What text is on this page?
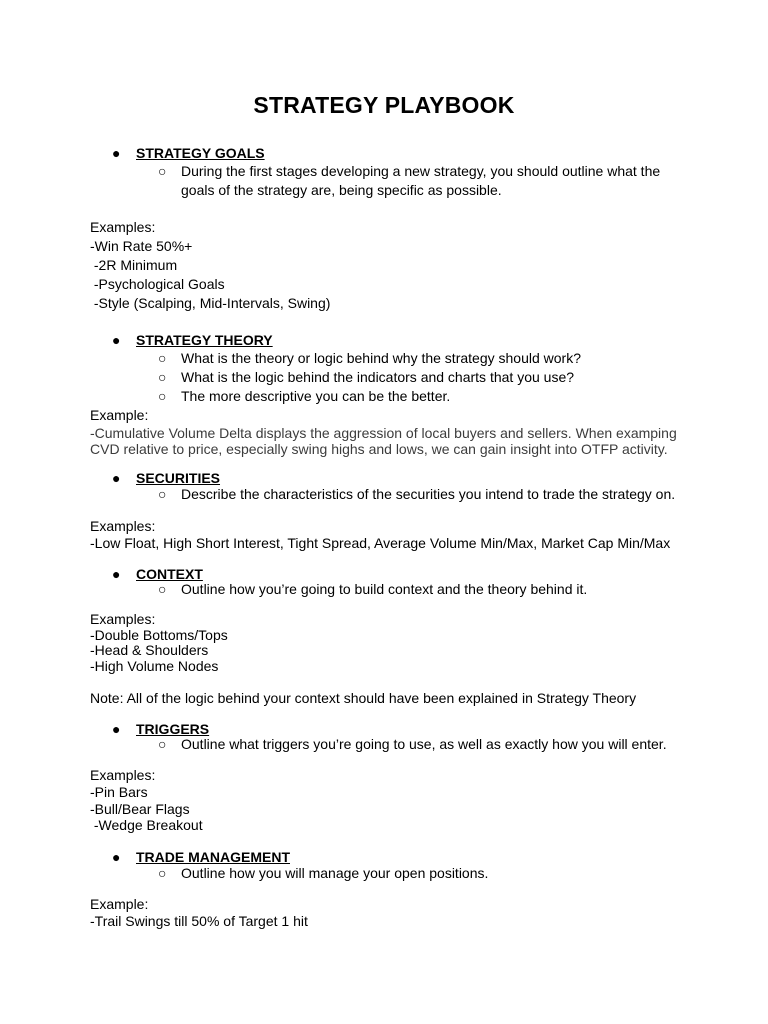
STRATEGY PLAYBOOK
● STRATEGY GOALS
○	During the first stages developing a new strategy, you should outline what the
goals of the strategy are, being specific as possible.
Examples:
-Win Rate 50%+
-2R Minimum
-Psychological Goals
-Style (Scalping, Mid-Intervals, Swing)
● STRATEGY THEORY
○	What is the theory or logic behind why the strategy should work?
○	What is the logic behind the indicators and charts that you use?
○	The more descriptive you can be the better.
Example:
-Cumulative Volume Delta displays the aggression of local buyers and sellers. When examping
CVD relative to price, especially swing highs and lows, we can gain insight into OTFP activity.
● SECURITIES
○	Describe the characteristics of the securities you intend to trade the strategy on.
Examples:
-Low Float, High Short Interest, Tight Spread, Average Volume Min/Max, Market Cap Min/Max
● CONTEXT
○	Outline how you’re going to build context and the theory behind it.
Examples:
-Double Bottoms/Tops
-Head & Shoulders
-High Volume Nodes
Note: All of the logic behind your context should have been explained in Strategy Theory
● TRIGGERS
○	Outline what triggers you’re going to use, as well as exactly how you will enter.
Examples:
-Pin Bars
-Bull/Bear Flags
-Wedge Breakout
● TRADE MANAGEMENT
○	Outline how you will manage your open positions.
Example:
-Trail Swings till 50% of Target 1 hit
